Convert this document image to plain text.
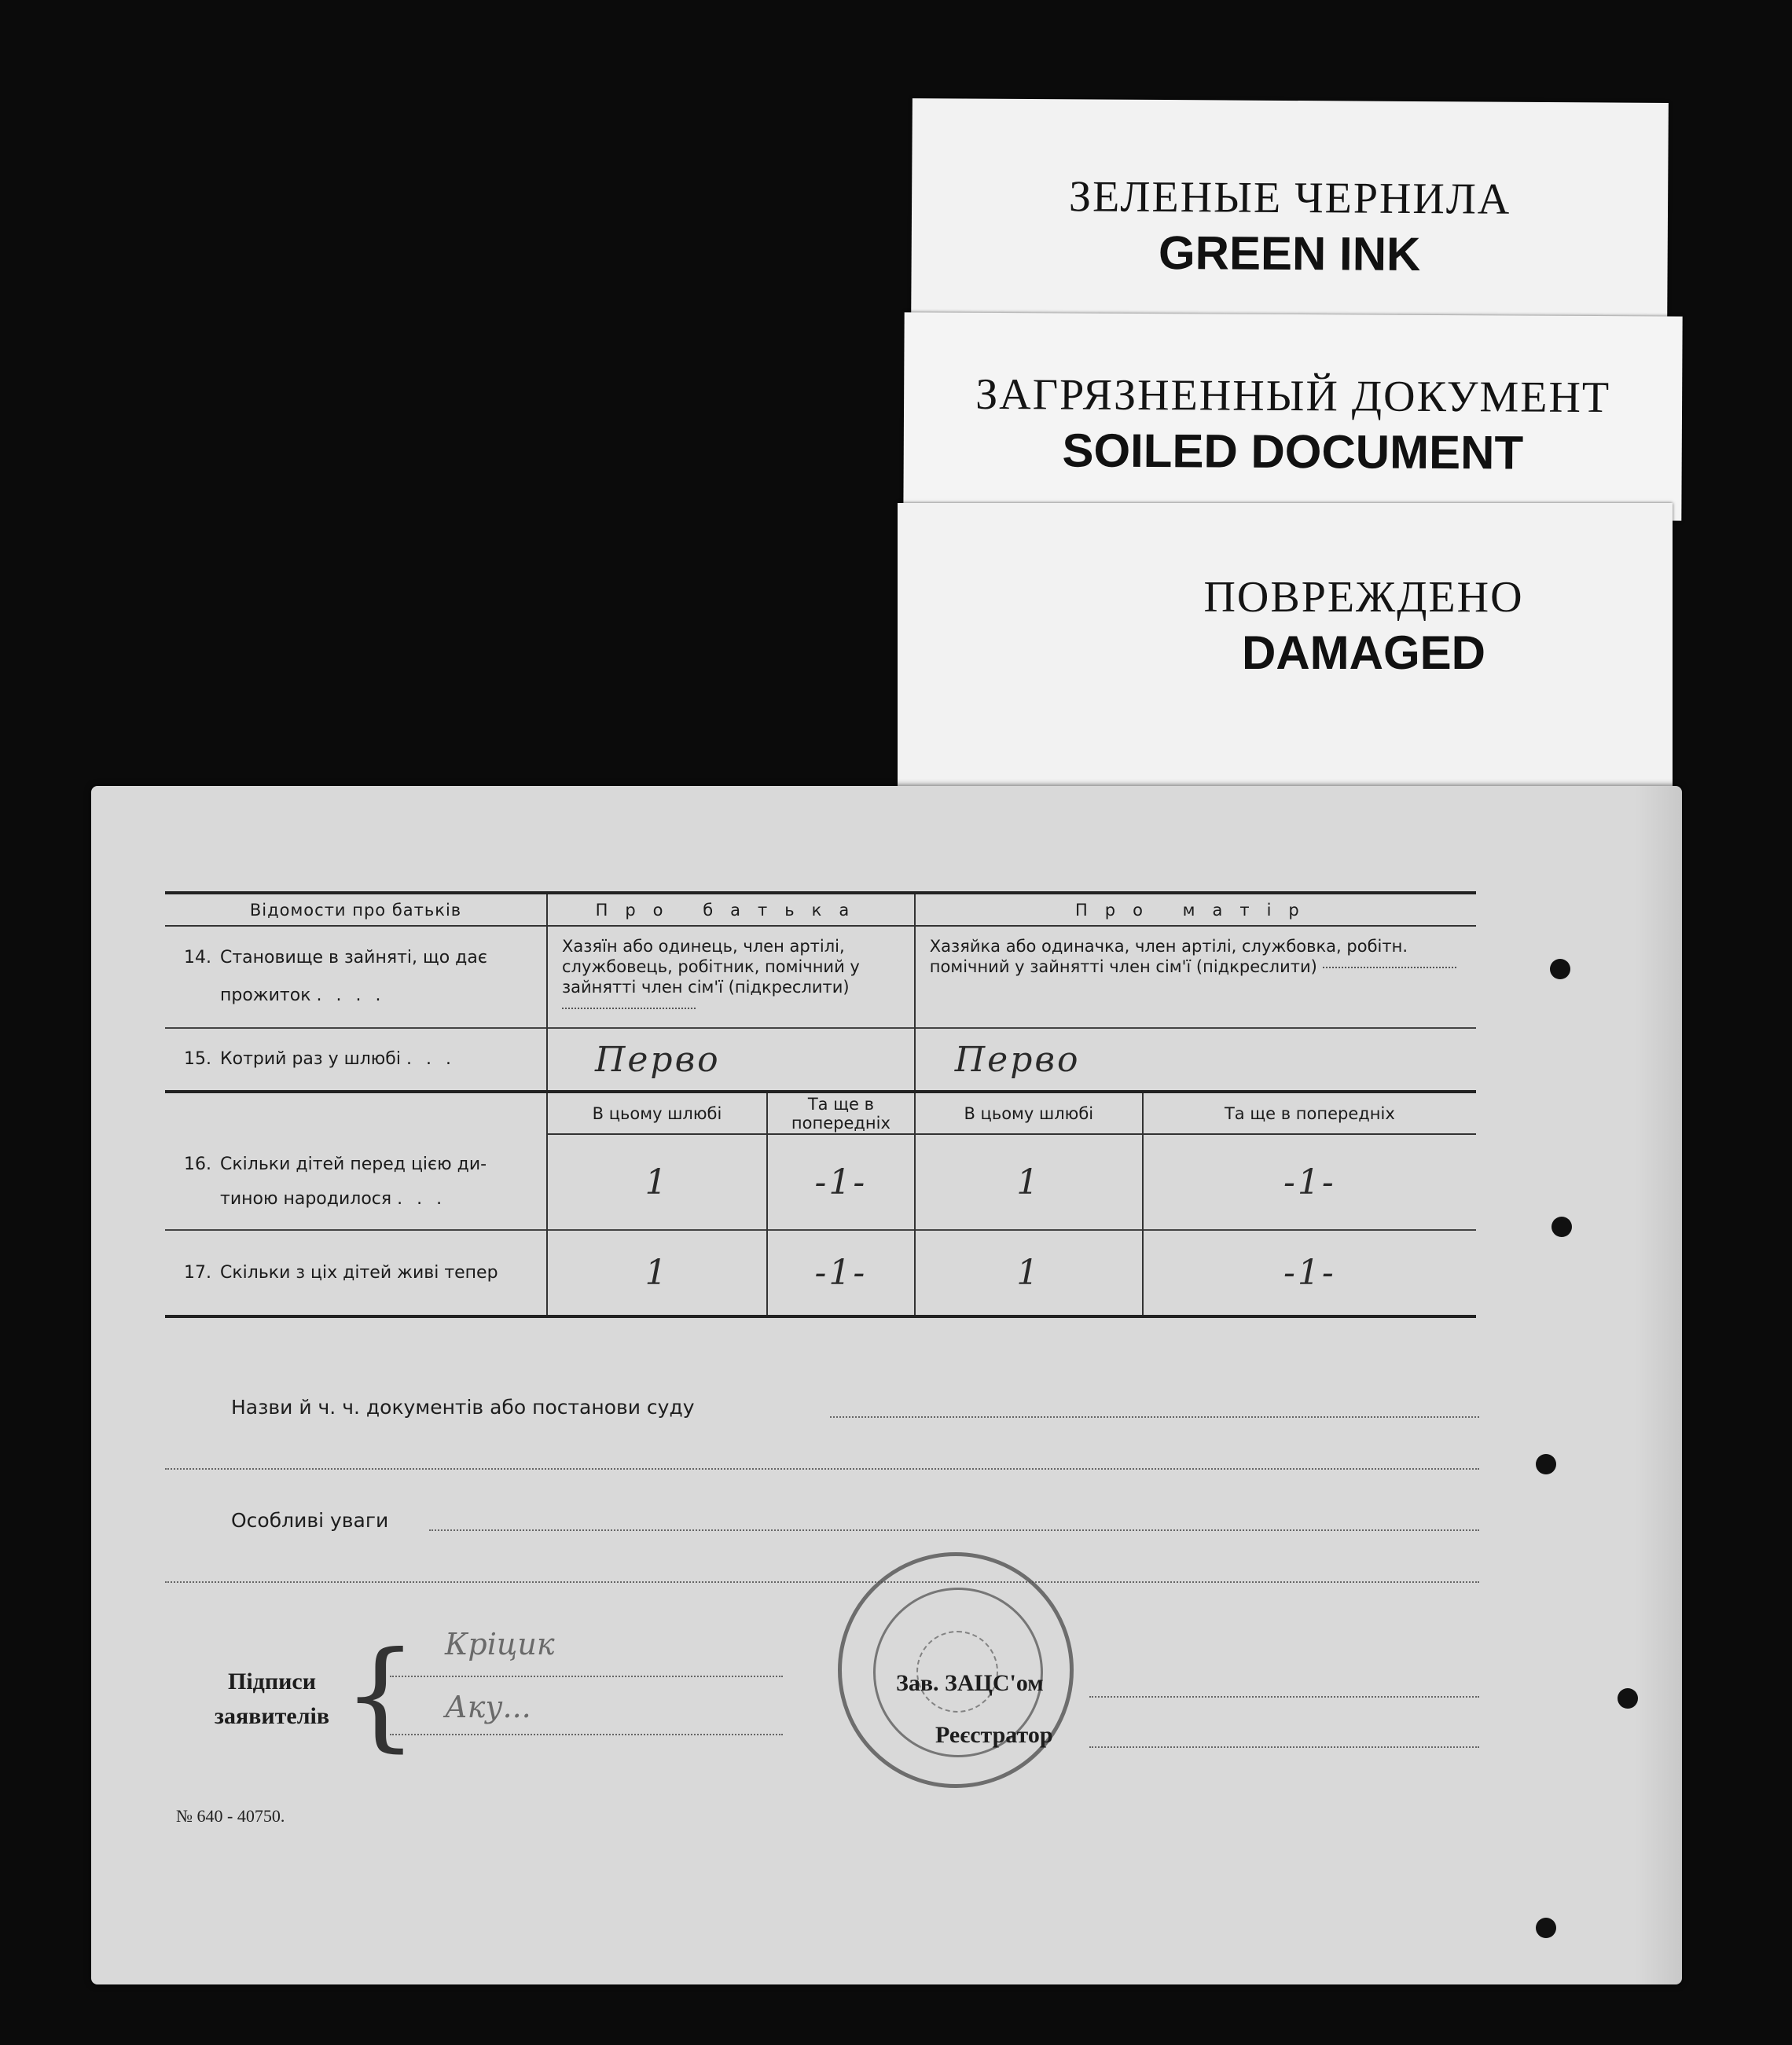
ЗЕЛЕНЫЕ ЧЕРНИЛА
GREEN INK
ЗАГРЯЗНЕННЫЙ ДОКУМЕНТ
SOILED DOCUMENT
ПОВРЕЖДЕНО
DAMAGED
Відомости про батьків	Про батька		Про матір	
14. Становище в зайняті, що дає
прожиток ....	Хазяїн або одинець, член артілі, службовець, робітник, помічний у зайнятті член сім'ї (підкреслити)		Хазяйка або одиначка, член артілі, службовка, робітн. помічний у зайнятті член сім'ї (підкреслити)	
15. Котрий раз у шлюбі ...	Перво		Перво	
	В цьому шлюбі	Та ще в попередніх	В цьому шлюбі	Та ще в попередніх
16. Скільки дітей перед цією ди-
тиною народилося ...	1	-1-	1	-1-
17. Скільки з ціх дітей живі тепер	1	-1-	1	-1-
Назви й ч. ч. документів або постанови суду
Особливі уваги
Підписи
заявителів { Кріцик
Аку...
Зав. ЗАЦС'ом
Реєстратор
№ 640 - 40750.
